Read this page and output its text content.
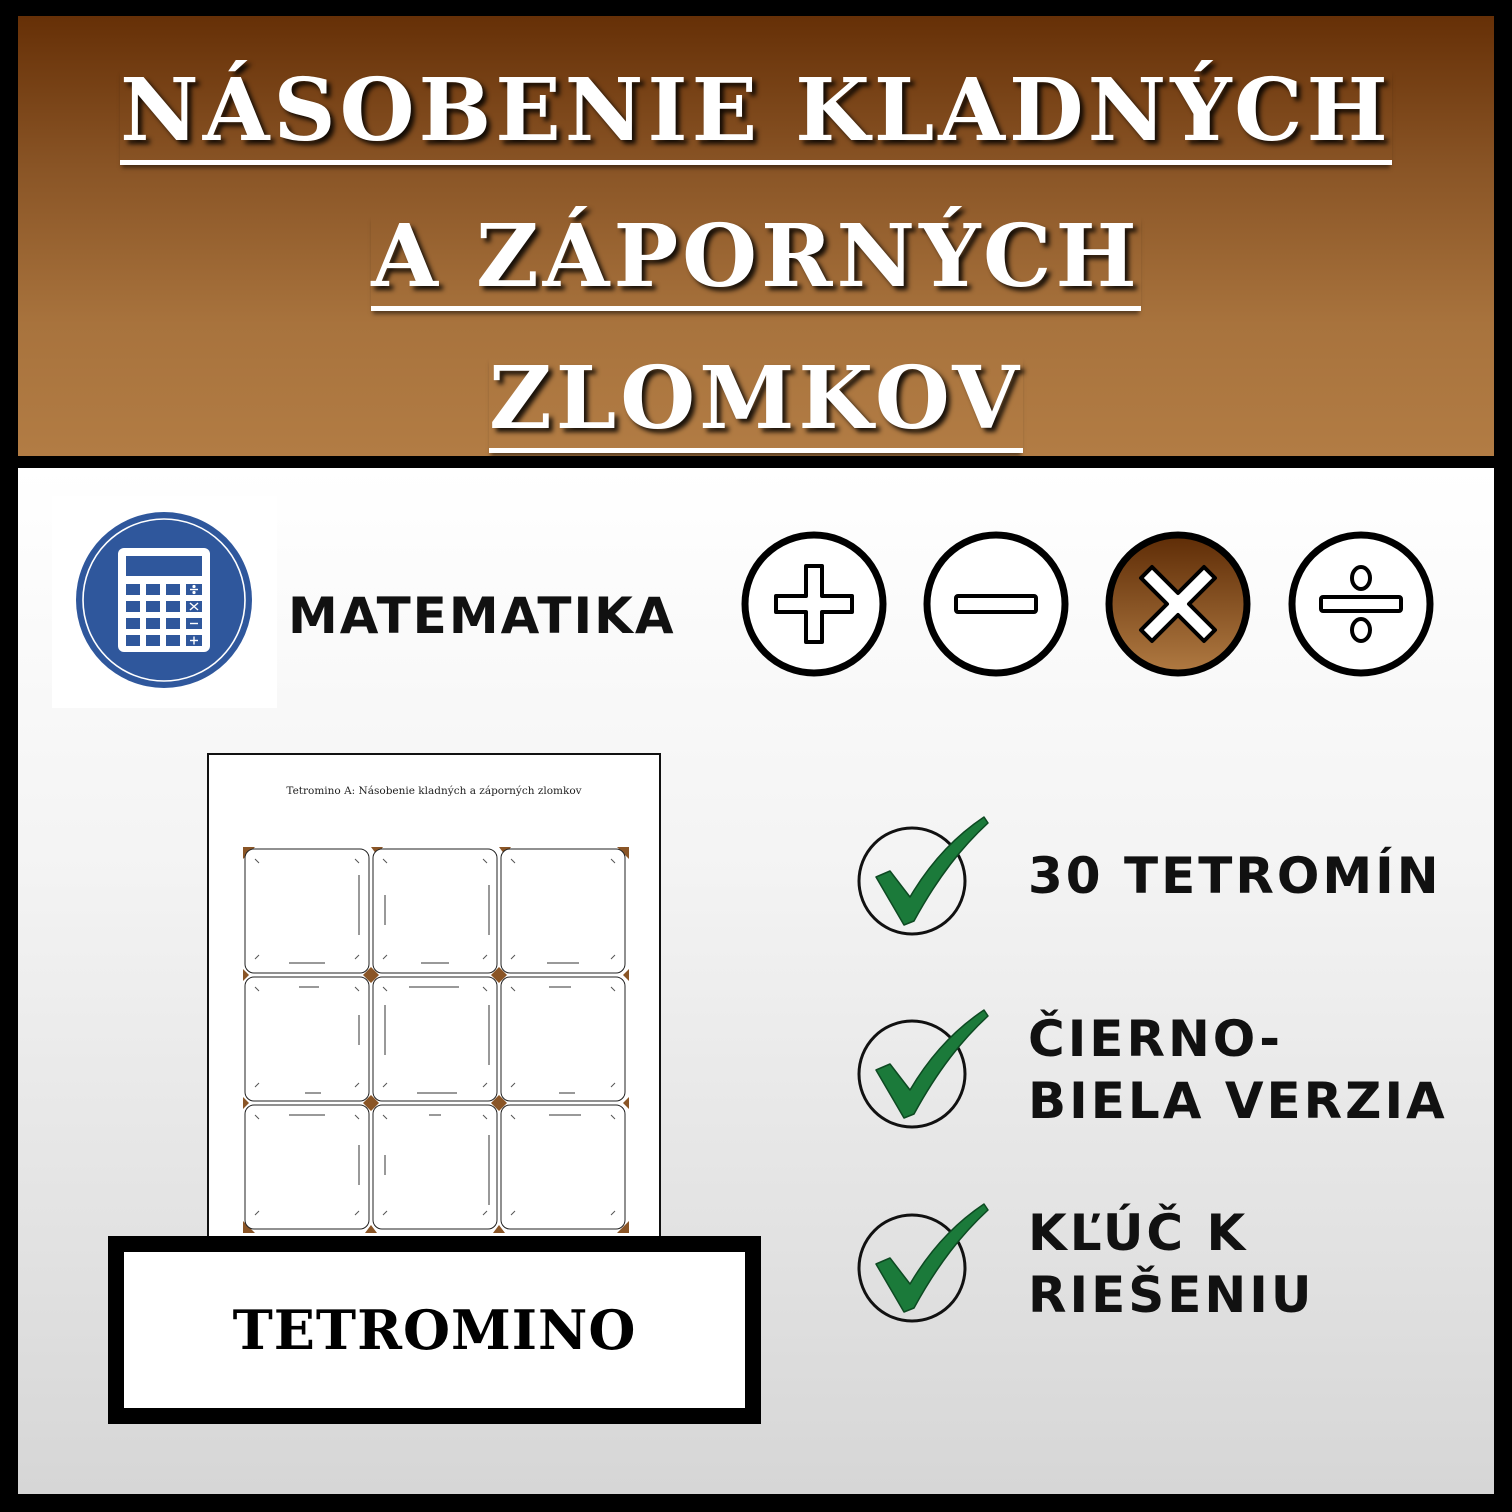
NÁSOBENIE KLADNÝCH
A ZÁPORNÝCH
ZLOMKOV
MATEMATIKA
Tetromino A: Násobenie kladných a záporných zlomkov
TETROMINO
30 TETROMÍN
ČIERNO-BIELA VERZIA
KĽÚČ K RIEŠENIU
